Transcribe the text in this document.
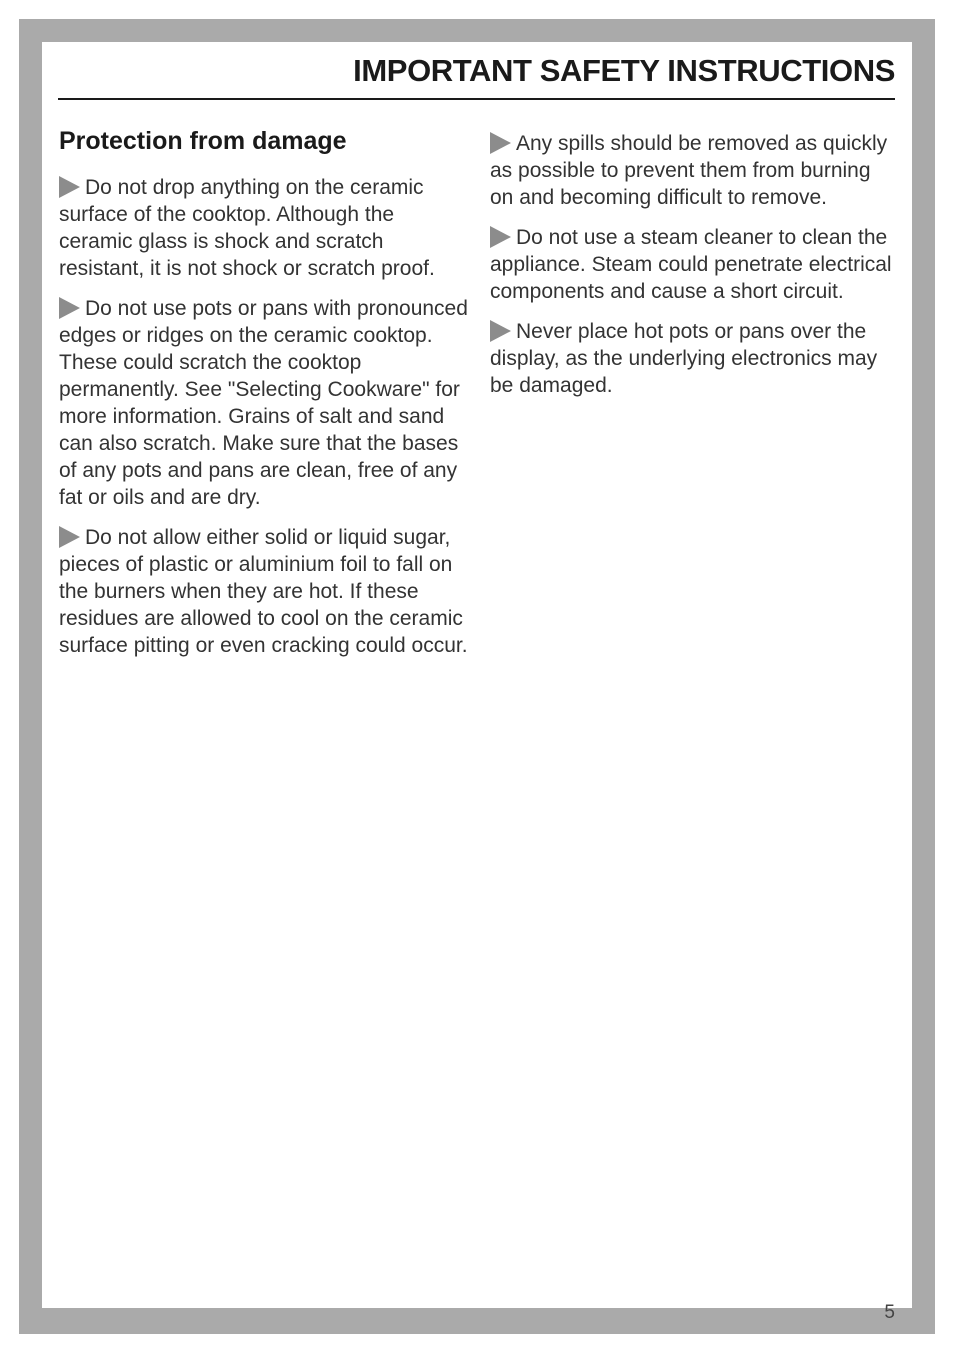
IMPORTANT SAFETY INSTRUCTIONS
Protection from damage

Do not drop anything on the ceramic surface of the cooktop. Although the ceramic glass is shock and scratch resistant, it is not shock or scratch proof.

Do not use pots or pans with pronounced edges or ridges on the ceramic cooktop. These could scratch the cooktop permanently. See "Selecting Cookware" for more information. Grains of salt and sand can also scratch. Make sure that the bases of any pots and pans are clean, free of any fat or oils and are dry.

Do not allow either solid or liquid sugar, pieces of plastic or aluminium foil to fall on the burners when they are hot. If these residues are allowed to cool on the ceramic surface pitting or even cracking could occur.

Any spills should be removed as quickly as possible to prevent them from burning on and becoming difficult to remove.

Do not use a steam cleaner to clean the appliance. Steam could penetrate electrical components and cause a short circuit.

Never place hot pots or pans over the display, as the underlying electronics may be damaged.

5
